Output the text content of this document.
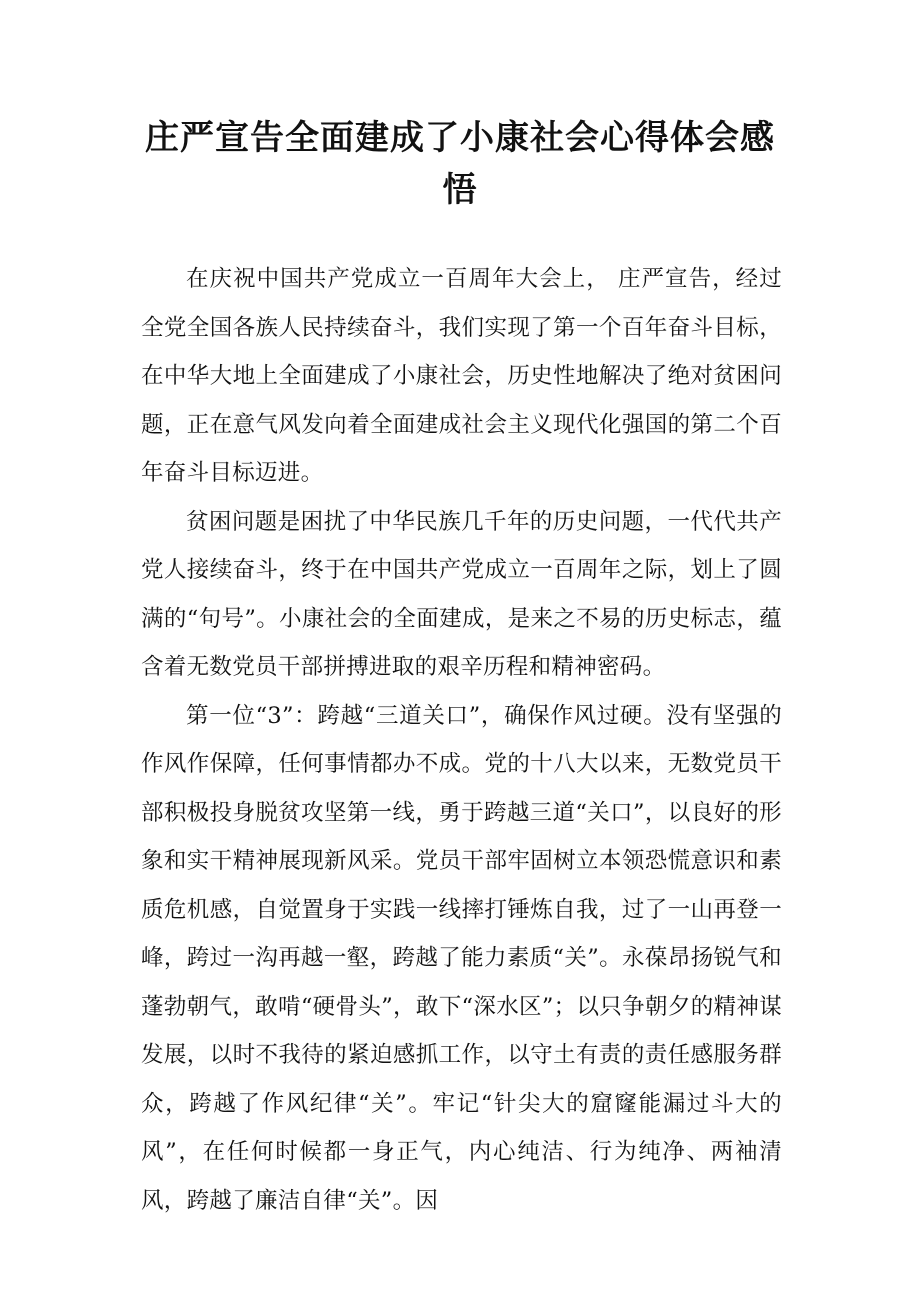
庄严宣告全面建成了小康社会心得体会感悟

在庆祝中国共产党成立一百周年大会上， 庄严宣告，经过全党全国各族人民持续奋斗，我们实现了第一个百年奋斗目标，在中华大地上全面建成了小康社会，历史性地解决了绝对贫困问题，正在意气风发向着全面建成社会主义现代化强国的第二个百年奋斗目标迈进。

贫困问题是困扰了中华民族几千年的历史问题，一代代共产党人接续奋斗，终于在中国共产党成立一百周年之际，划上了圆满的“句号”。小康社会的全面建成，是来之不易的历史标志，蕴含着无数党员干部拼搏进取的艰辛历程和精神密码。

第一位“3”：跨越“三道关口”，确保作风过硬。没有坚强的作风作保障，任何事情都办不成。党的十八大以来，无数党员干部积极投身脱贫攻坚第一线，勇于跨越三道“关口”，以良好的形象和实干精神展现新风采。党员干部牢固树立本领恐慌意识和素质危机感，自觉置身于实践一线摔打锤炼自我，过了一山再登一峰，跨过一沟再越一壑，跨越了能力素质“关”。永葆昂扬锐气和蓬勃朝气，敢啃“硬骨头”，敢下“深水区”；以只争朝夕的精神谋发展，以时不我待的紧迫感抓工作，以守土有责的责任感服务群众，跨越了作风纪律“关”。牢记“针尖大的窟窿能漏过斗大的风”，在任何时候都一身正气，内心纯洁、行为纯净、两袖清风，跨越了廉洁自律“关”。因
